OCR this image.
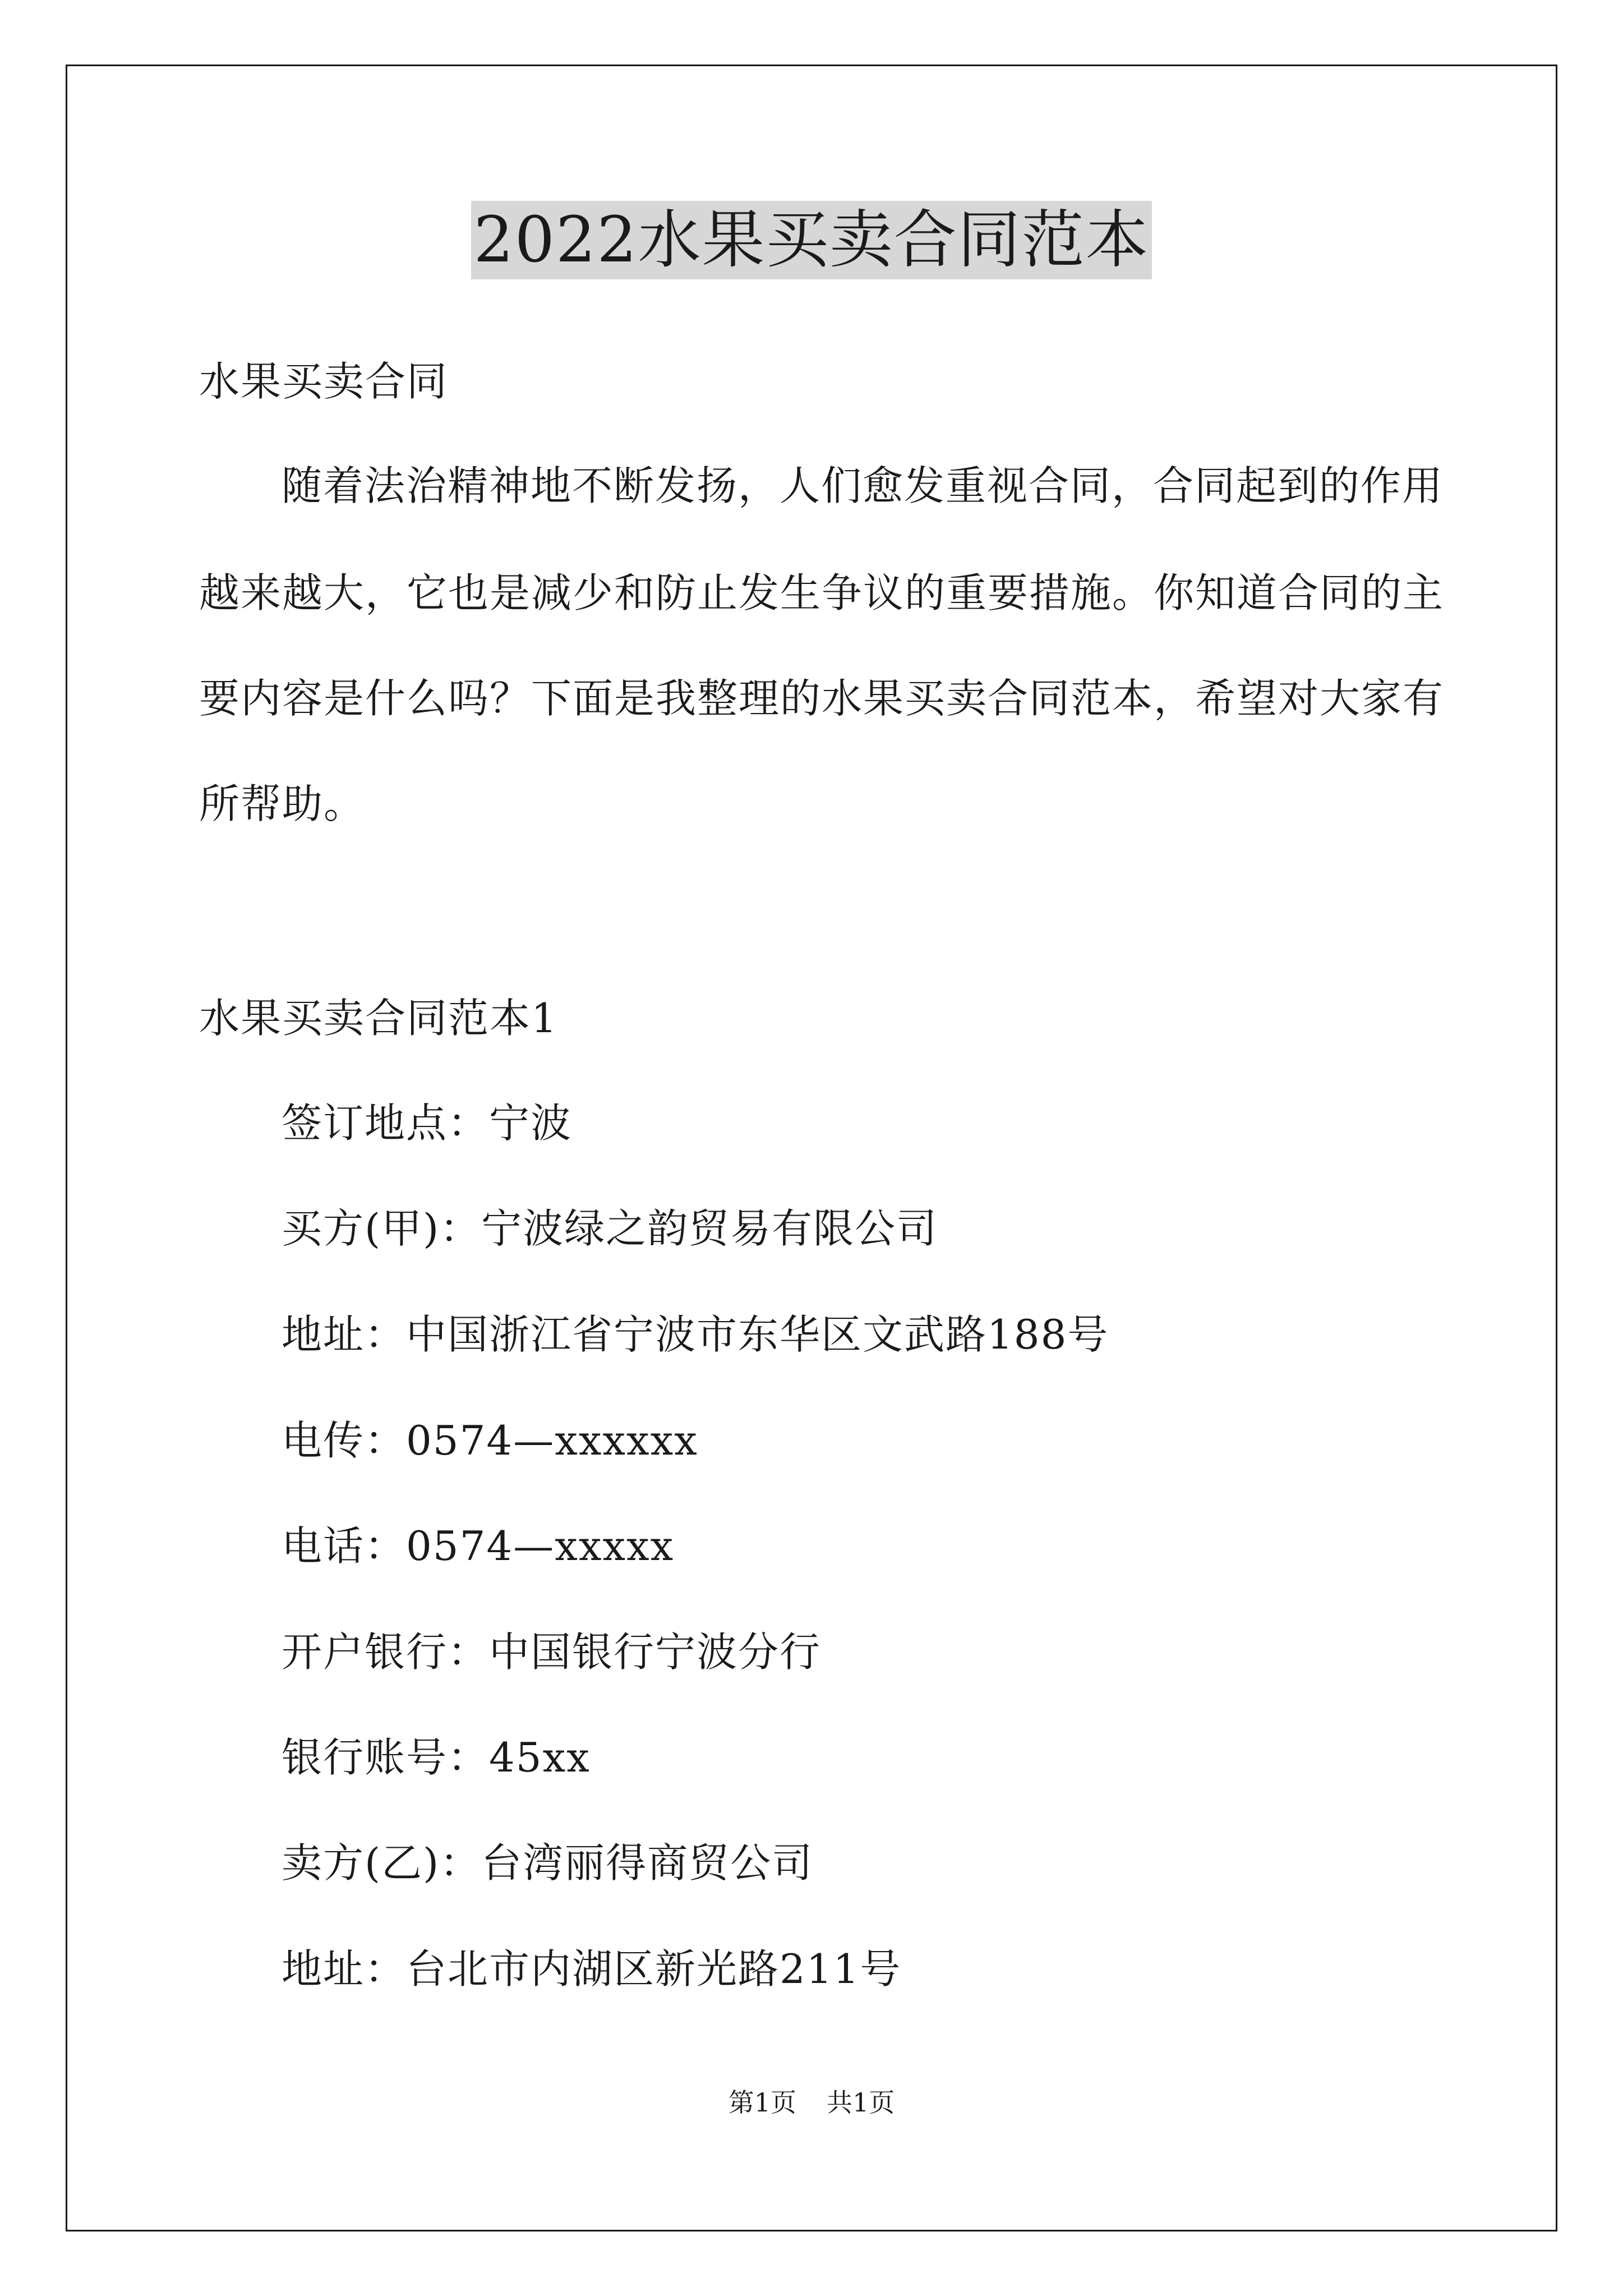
2022水果买卖合同范本
水果买卖合同
随着法治精神地不断发扬，人们愈发重视合同，合同起到的作用
越来越大，它也是减少和防止发生争议的重要措施。你知道合同的主
要内容是什么吗？下面是我整理的水果买卖合同范本，希望对大家有
所帮助。
水果买卖合同范本1
签订地点：宁波
买方(甲)：宁波绿之韵贸易有限公司
地址：中国浙江省宁波市东华区文武路188号
电传：0574—xxxxxx
电话：0574—xxxxx
开户银行：中国银行宁波分行
银行账号：45xx
卖方(乙)：台湾丽得商贸公司
地址：台北市内湖区新光路211号
第1页 共1页
